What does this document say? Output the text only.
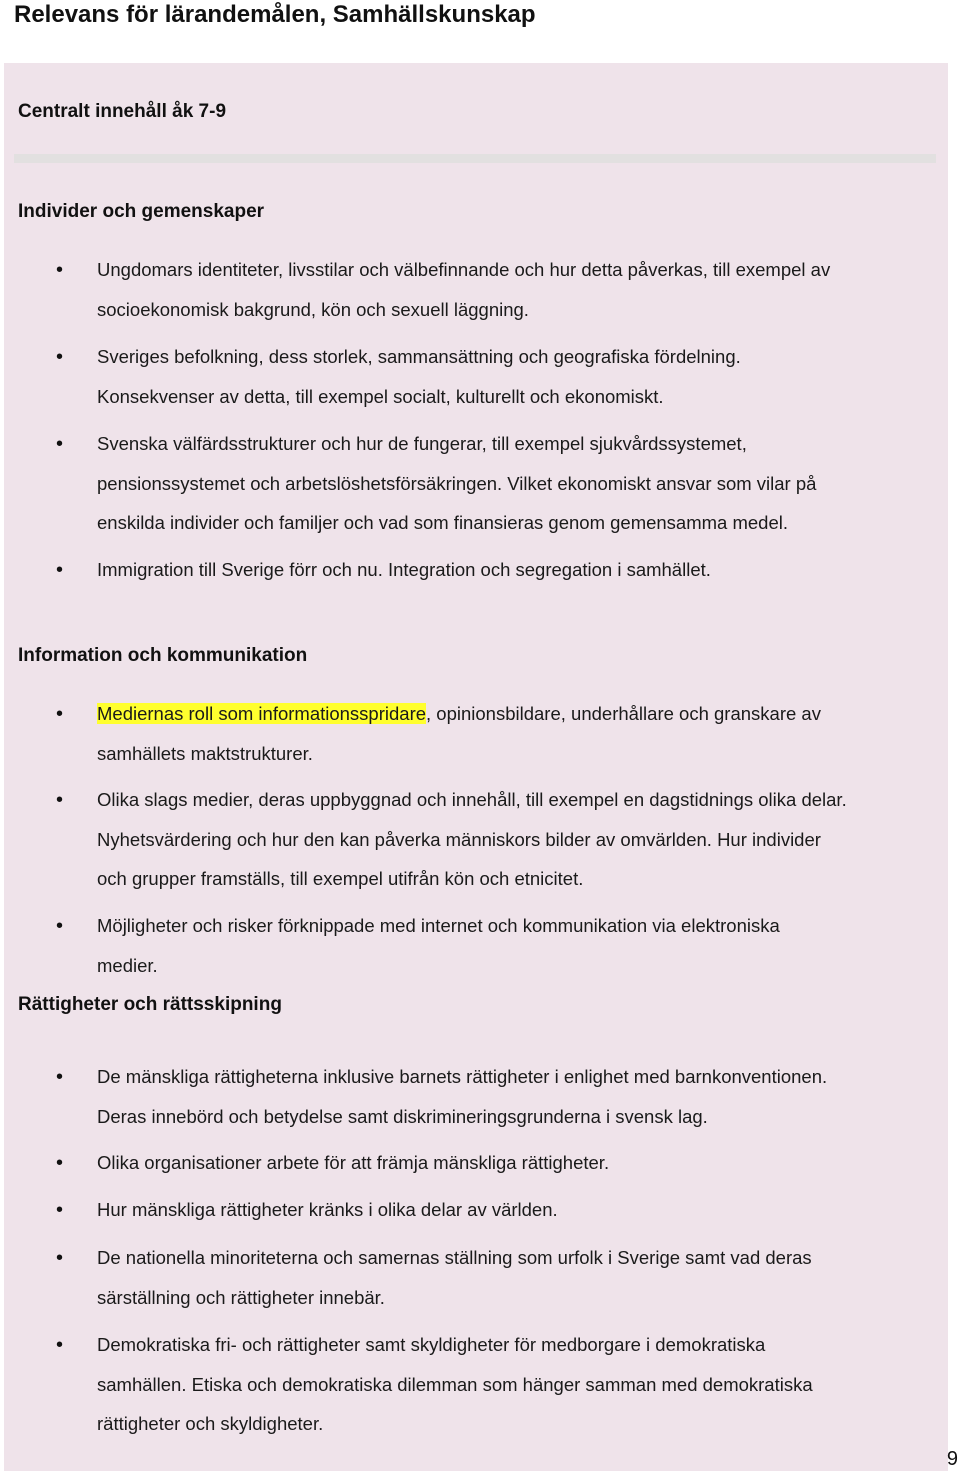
Relevans för lärandemålen, Samhällskunskap
Centralt innehåll åk 7-9
Individer och gemenskaper
• Ungdomars identiteter, livsstilar och välbefinnande och hur detta påverkas, till exempel av
socioekonomisk bakgrund, kön och sexuell läggning.
• Sveriges befolkning, dess storlek, sammansättning och geografiska fördelning.
Konsekvenser av detta, till exempel socialt, kulturellt och ekonomiskt.
• Svenska välfärdsstrukturer och hur de fungerar, till exempel sjukvårdssystemet,
pensionssystemet och arbetslöshetsförsäkringen. Vilket ekonomiskt ansvar som vilar på
enskilda individer och familjer och vad som finansieras genom gemensamma medel.
• Immigration till Sverige förr och nu. Integration och segregation i samhället.
Information och kommunikation
• Mediernas roll som informationsspridare, opinionsbildare, underhållare och granskare av
samhällets maktstrukturer.
• Olika slags medier, deras uppbyggnad och innehåll, till exempel en dagstidnings olika delar.
Nyhetsvärdering och hur den kan påverka människors bilder av omvärlden. Hur individer
och grupper framställs, till exempel utifrån kön och etnicitet.
• Möjligheter och risker förknippade med internet och kommunikation via elektroniska
medier.
Rättigheter och rättsskipning
• De mänskliga rättigheterna inklusive barnets rättigheter i enlighet med barnkonventionen.
Deras innebörd och betydelse samt diskrimineringsgrunderna i svensk lag.
• Olika organisationer arbete för att främja mänskliga rättigheter.
• Hur mänskliga rättigheter kränks i olika delar av världen.
• De nationella minoriteterna och samernas ställning som urfolk i Sverige samt vad deras
särställning och rättigheter innebär.
• Demokratiska fri- och rättigheter samt skyldigheter för medborgare i demokratiska
samhällen. Etiska och demokratiska dilemman som hänger samman med demokratiska
rättigheter och skyldigheter.
9
